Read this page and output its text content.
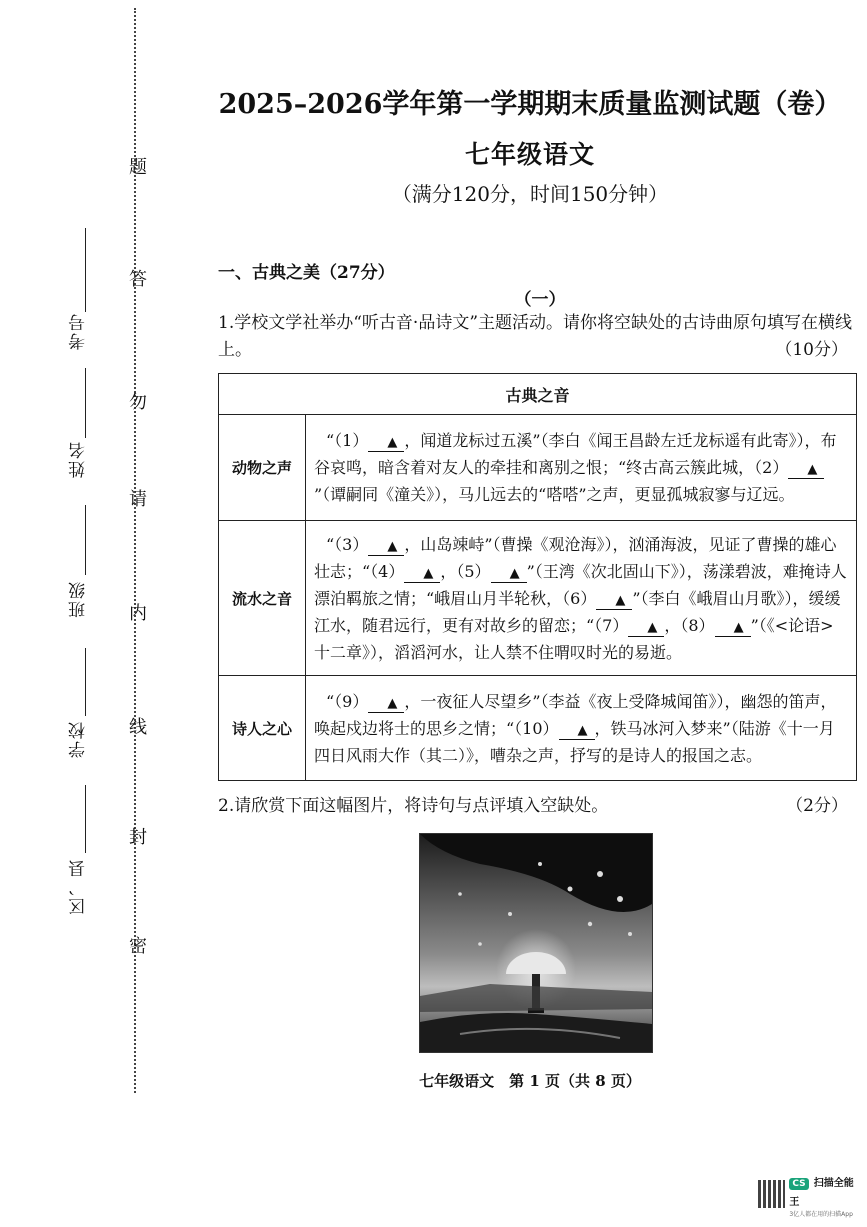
题
答
勿
请
内
线
封
密
考号
姓名
班级
学校
区、县
2025–2026学年第一学期期末质量监测试题（卷）
七年级语文
（满分120分，时间150分钟）
一、古典之美（27分）
（一）
1.学校文学社举办“听古音·品诗文”主题活动。请你将空缺处的古诗曲原句填写在横线上。	（10分）
古典之音	
动物之声	“（1） ▲ ，闻道龙标过五溪”（李白《闻王昌龄左迁龙标遥有此寄》），布谷哀鸣，暗含着对友人的牵挂和离别之恨；“终古高云簇此城，（2） ▲”（谭嗣同《潼关》），马儿远去的“嗒嗒”之声，更显孤城寂寥与辽远。
流水之音	“（3） ▲ ，山岛竦峙”（曹操《观沧海》），汹涌海波，见证了曹操的雄心壮志；“（4） ▲ ，（5） ▲ ”（王湾《次北固山下》），荡漾碧波，难掩诗人漂泊羁旅之情；“峨眉山月半轮秋，（6） ▲ ”（李白《峨眉山月歌》），缓缓江水，随君远行，更有对故乡的留恋；“（7） ▲ ，（8） ▲ ”（《<论语>十二章》），滔滔河水，让人禁不住喟叹时光的易逝。
诗人之心	“（9） ▲ ，一夜征人尽望乡”（李益《夜上受降城闻笛》），幽怨的笛声，唤起戍边将士的思乡之情；“（10） ▲ ，铁马冰河入梦来”（陆游《十一月四日风雨大作（其二）》，嘈杂之声，抒写的是诗人的报国之志。
2.请欣赏下面这幅图片，将诗句与点评填入空缺处。	（2分）
七年级语文　第 1 页（共 8 页）
CS 扫描全能王
3亿人都在用的扫描App
